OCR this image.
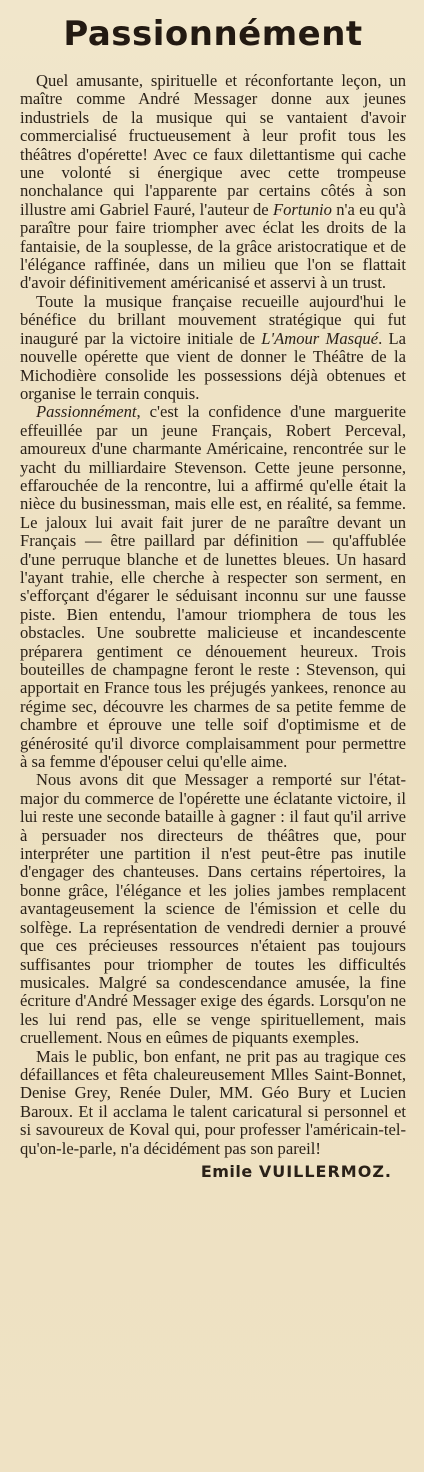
Passionnément

Quel amusante, spirituelle et réconfortante leçon, un maître comme André Messager donne aux jeunes industriels de la musique qui se vantaient d'avoir commercialisé fructueusement à leur profit tous les théâtres d'opérette! Avec ce faux dilettantisme qui cache une volonté si énergique avec cette trompeuse nonchalance qui l'apparente par certains côtés à son illustre ami Gabriel Fauré, l'auteur de Fortunio n'a eu qu'à paraître pour faire triompher avec éclat les droits de la fantaisie, de la souplesse, de la grâce aristocratique et de l'élégance raffinée, dans un milieu que l'on se flattait d'avoir définitivement américanisé et asservi à un trust.

Toute la musique française recueille aujourd'hui le bénéfice du brillant mouvement stratégique qui fut inauguré par la victoire initiale de L'Amour Masqué. La nouvelle opérette que vient de donner le Théâtre de la Michodière consolide les possessions déjà obtenues et organise le terrain conquis.

Passionnément, c'est la confidence d'une marguerite effeuillée par un jeune Français, Robert Perceval, amoureux d'une charmante Américaine, rencontrée sur le yacht du milliardaire Stevenson. Cette jeune personne, effarouchée de la rencontre, lui a affirmé qu'elle était la nièce du businessman, mais elle est, en réalité, sa femme. Le jaloux lui avait fait jurer de ne paraître devant un Français — être paillard par définition — qu'affublée d'une perruque blanche et de lunettes bleues. Un hasard l'ayant trahie, elle cherche à respecter son serment, en s'efforçant d'égarer le séduisant inconnu sur une fausse piste. Bien entendu, l'amour triomphera de tous les obstacles. Une soubrette malicieuse et incandescente préparera gentiment ce dénouement heureux. Trois bouteilles de champagne feront le reste : Stevenson, qui apportait en France tous les préjugés yankees, renonce au régime sec, découvre les charmes de sa petite femme de chambre et éprouve une telle soif d'optimisme et de générosité qu'il divorce complaisamment pour permettre à sa femme d'épouser celui qu'elle aime.

Nous avons dit que Messager a remporté sur l'état-major du commerce de l'opérette une éclatante victoire, il lui reste une seconde bataille à gagner : il faut qu'il arrive à persuader nos directeurs de théâtres que, pour interpréter une partition il n'est peut-être pas inutile d'engager des chanteuses. Dans certains répertoires, la bonne grâce, l'élégance et les jolies jambes remplacent avantageusement la science de l'émission et celle du solfège. La représentation de vendredi dernier a prouvé que ces précieuses ressources n'étaient pas toujours suffisantes pour triompher de toutes les difficultés musicales. Malgré sa condescendance amusée, la fine écriture d'André Messager exige des égards. Lorsqu'on ne les lui rend pas, elle se venge spirituellement, mais cruellement. Nous en eûmes de piquants exemples.

Mais le public, bon enfant, ne prit pas au tragique ces défaillances et fêta chaleureusement Mlles Saint-Bonnet, Denise Grey, Renée Duler, MM. Géo Bury et Lucien Baroux. Et il acclama le talent caricatural si personnel et si savoureux de Koval qui, pour professer l'américain-tel-qu'on-le-parle, n'a décidément pas son pareil!

Emile VUILLERMOZ.
